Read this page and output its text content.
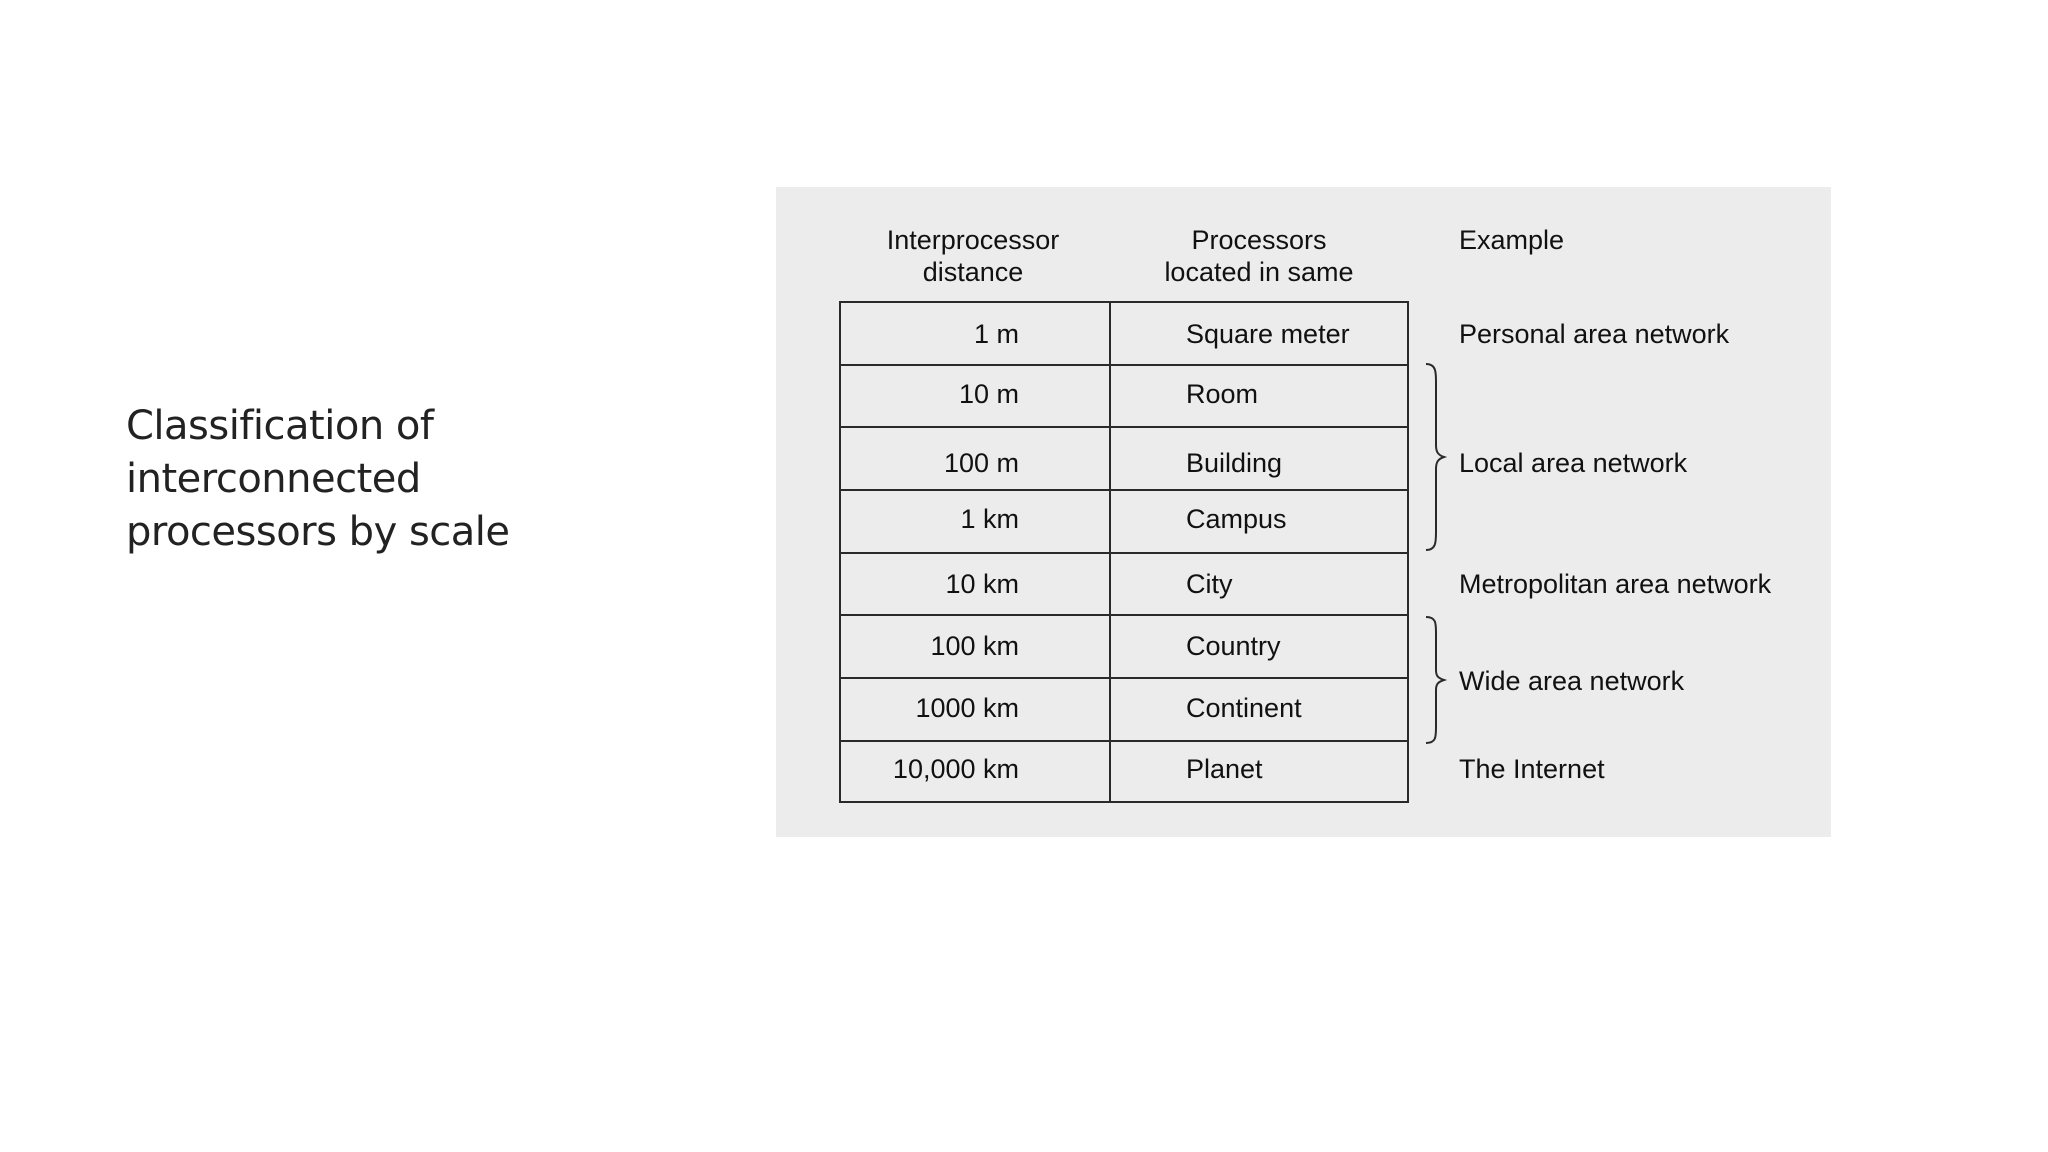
Classification of
interconnected
processors by scale
Interprocessor
distance
Processors
located in same
Example
1 m
10 m
100 m
1 km
10 km
100 km
1000 km
10,000 km
Square meter
Room
Building
Campus
City
Country
Continent
Planet
Personal area network
Local area network
Metropolitan area network
Wide area network
The Internet
